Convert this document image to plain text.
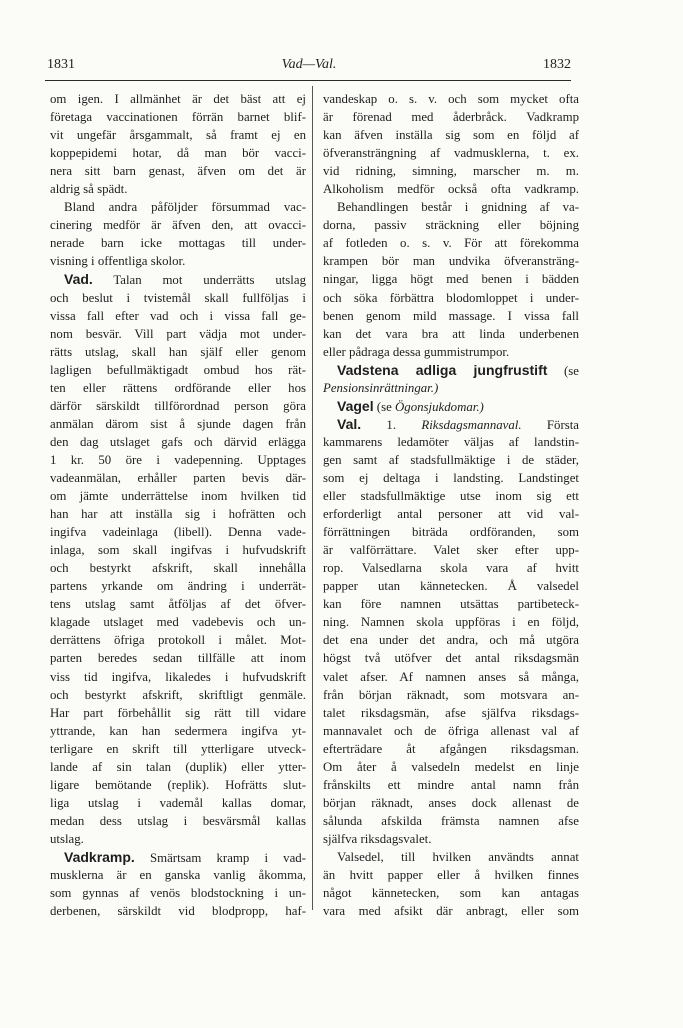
1831	Vad—Val.	1832
om igen. I allmänhet är det bäst att ej
företaga vaccinationen förrän barnet blif-
vit ungefär årsgammalt, så framt ej en
koppepidemi hotar, då man bör vacci-
nera sitt barn genast, äfven om det är
aldrig så spädt.
Bland andra påföljder försummad vac-
cinering medför är äfven den, att ovacci-
nerade barn icke mottagas till under-
visning i offentliga skolor.
Vad. Talan mot underrätts utslag
och beslut i tvistemål skall fullföljas i
vissa fall efter vad och i vissa fall ge-
nom besvär. Vill part vädja mot under-
rätts utslag, skall han själf eller genom
lagligen befullmäktigadt ombud hos rät-
ten eller rättens ordförande eller hos
därför särskildt tillförordnad person göra
anmälan därom sist å sjunde dagen från
den dag utslaget gafs och därvid erlägga
1 kr. 50 öre i vadepenning. Upptages
vadeanmälan, erhåller parten bevis där-
om jämte underrättelse inom hvilken tid
han har att inställa sig i hofrätten och
ingifva vadeinlaga (libell). Denna vade-
inlaga, som skall ingifvas i hufvudskrift
och bestyrkt afskrift, skall innehålla
partens yrkande om ändring i underrät-
tens utslag samt åtföljas af det öfver-
klagade utslaget med vadebevis och un-
derrättens öfriga protokoll i målet. Mot-
parten beredes sedan tillfälle att inom
viss tid ingifva, likaledes i hufvudskrift
och bestyrkt afskrift, skriftligt genmäle.
Har part förbehållit sig rätt till vidare
yttrande, kan han sedermera ingifva yt-
terligare en skrift till ytterligare utveck-
lande af sin talan (duplik) eller ytter-
ligare bemötande (replik). Hofrätts slut-
liga utslag i vademål kallas domar,
medan dess utslag i besvärsmål kallas
utslag.
Vadkramp. Smärtsam kramp i vad-
musklerna är en ganska vanlig åkomma,
som gynnas af venös blodstockning i un-
derbenen, särskildt vid blodpropp, haf-
vandeskap o. s. v. och som mycket ofta
är förenad med åderbråck. Vadkramp
kan äfven inställa sig som en följd af
öfveransträngning af vadmusklerna, t. ex.
vid ridning, simning, marscher m. m.
Alkoholism medför också ofta vadkramp.
Behandlingen består i gnidning af va-
dorna, passiv sträckning eller böjning
af fotleden o. s. v. För att förekomma
krampen bör man undvika öfveransträng-
ningar, ligga högt med benen i bädden
och söka förbättra blodomloppet i under-
benen genom mild massage. I vissa fall
kan det vara bra att linda underbenen
eller pådraga dessa gummistrumpor.
Vadstena adliga jungfrustift (se
Pensionsinrättningar.)
Vagel (se Ögonsjukdomar.)
Val. 1. Riksdagsmannaval. Första
kammarens ledamöter väljas af landstin-
gen samt af stadsfullmäktige i de städer,
som ej deltaga i landsting. Landstinget
eller stadsfullmäktige utse inom sig ett
erforderligt antal personer att vid val-
förrättningen biträda ordföranden, som
är valförrättare. Valet sker efter upp-
rop. Valsedlarna skola vara af hvitt
papper utan kännetecken. Å valsedel
kan före namnen utsättas partibeteck-
ning. Namnen skola uppföras i en följd,
det ena under det andra, och må utgöra
högst två utöfver det antal riksdagsmän
valet afser. Af namnen anses så många,
från början räknadt, som motsvara an-
talet riksdagsmän, afse själfva riksdags-
mannavalet och de öfriga allenast val af
efterträdare åt afgången riksdagsman.
Om åter å valsedeln medelst en linje
frånskilts ett mindre antal namn från
början räknadt, anses dock allenast de
sålunda afskilda främsta namnen afse
själfva riksdagsvalet.
Valsedel, till hvilken användts annat
än hvitt papper eller å hvilken finnes
något kännetecken, som kan antagas
vara med afsikt där anbragt, eller som
